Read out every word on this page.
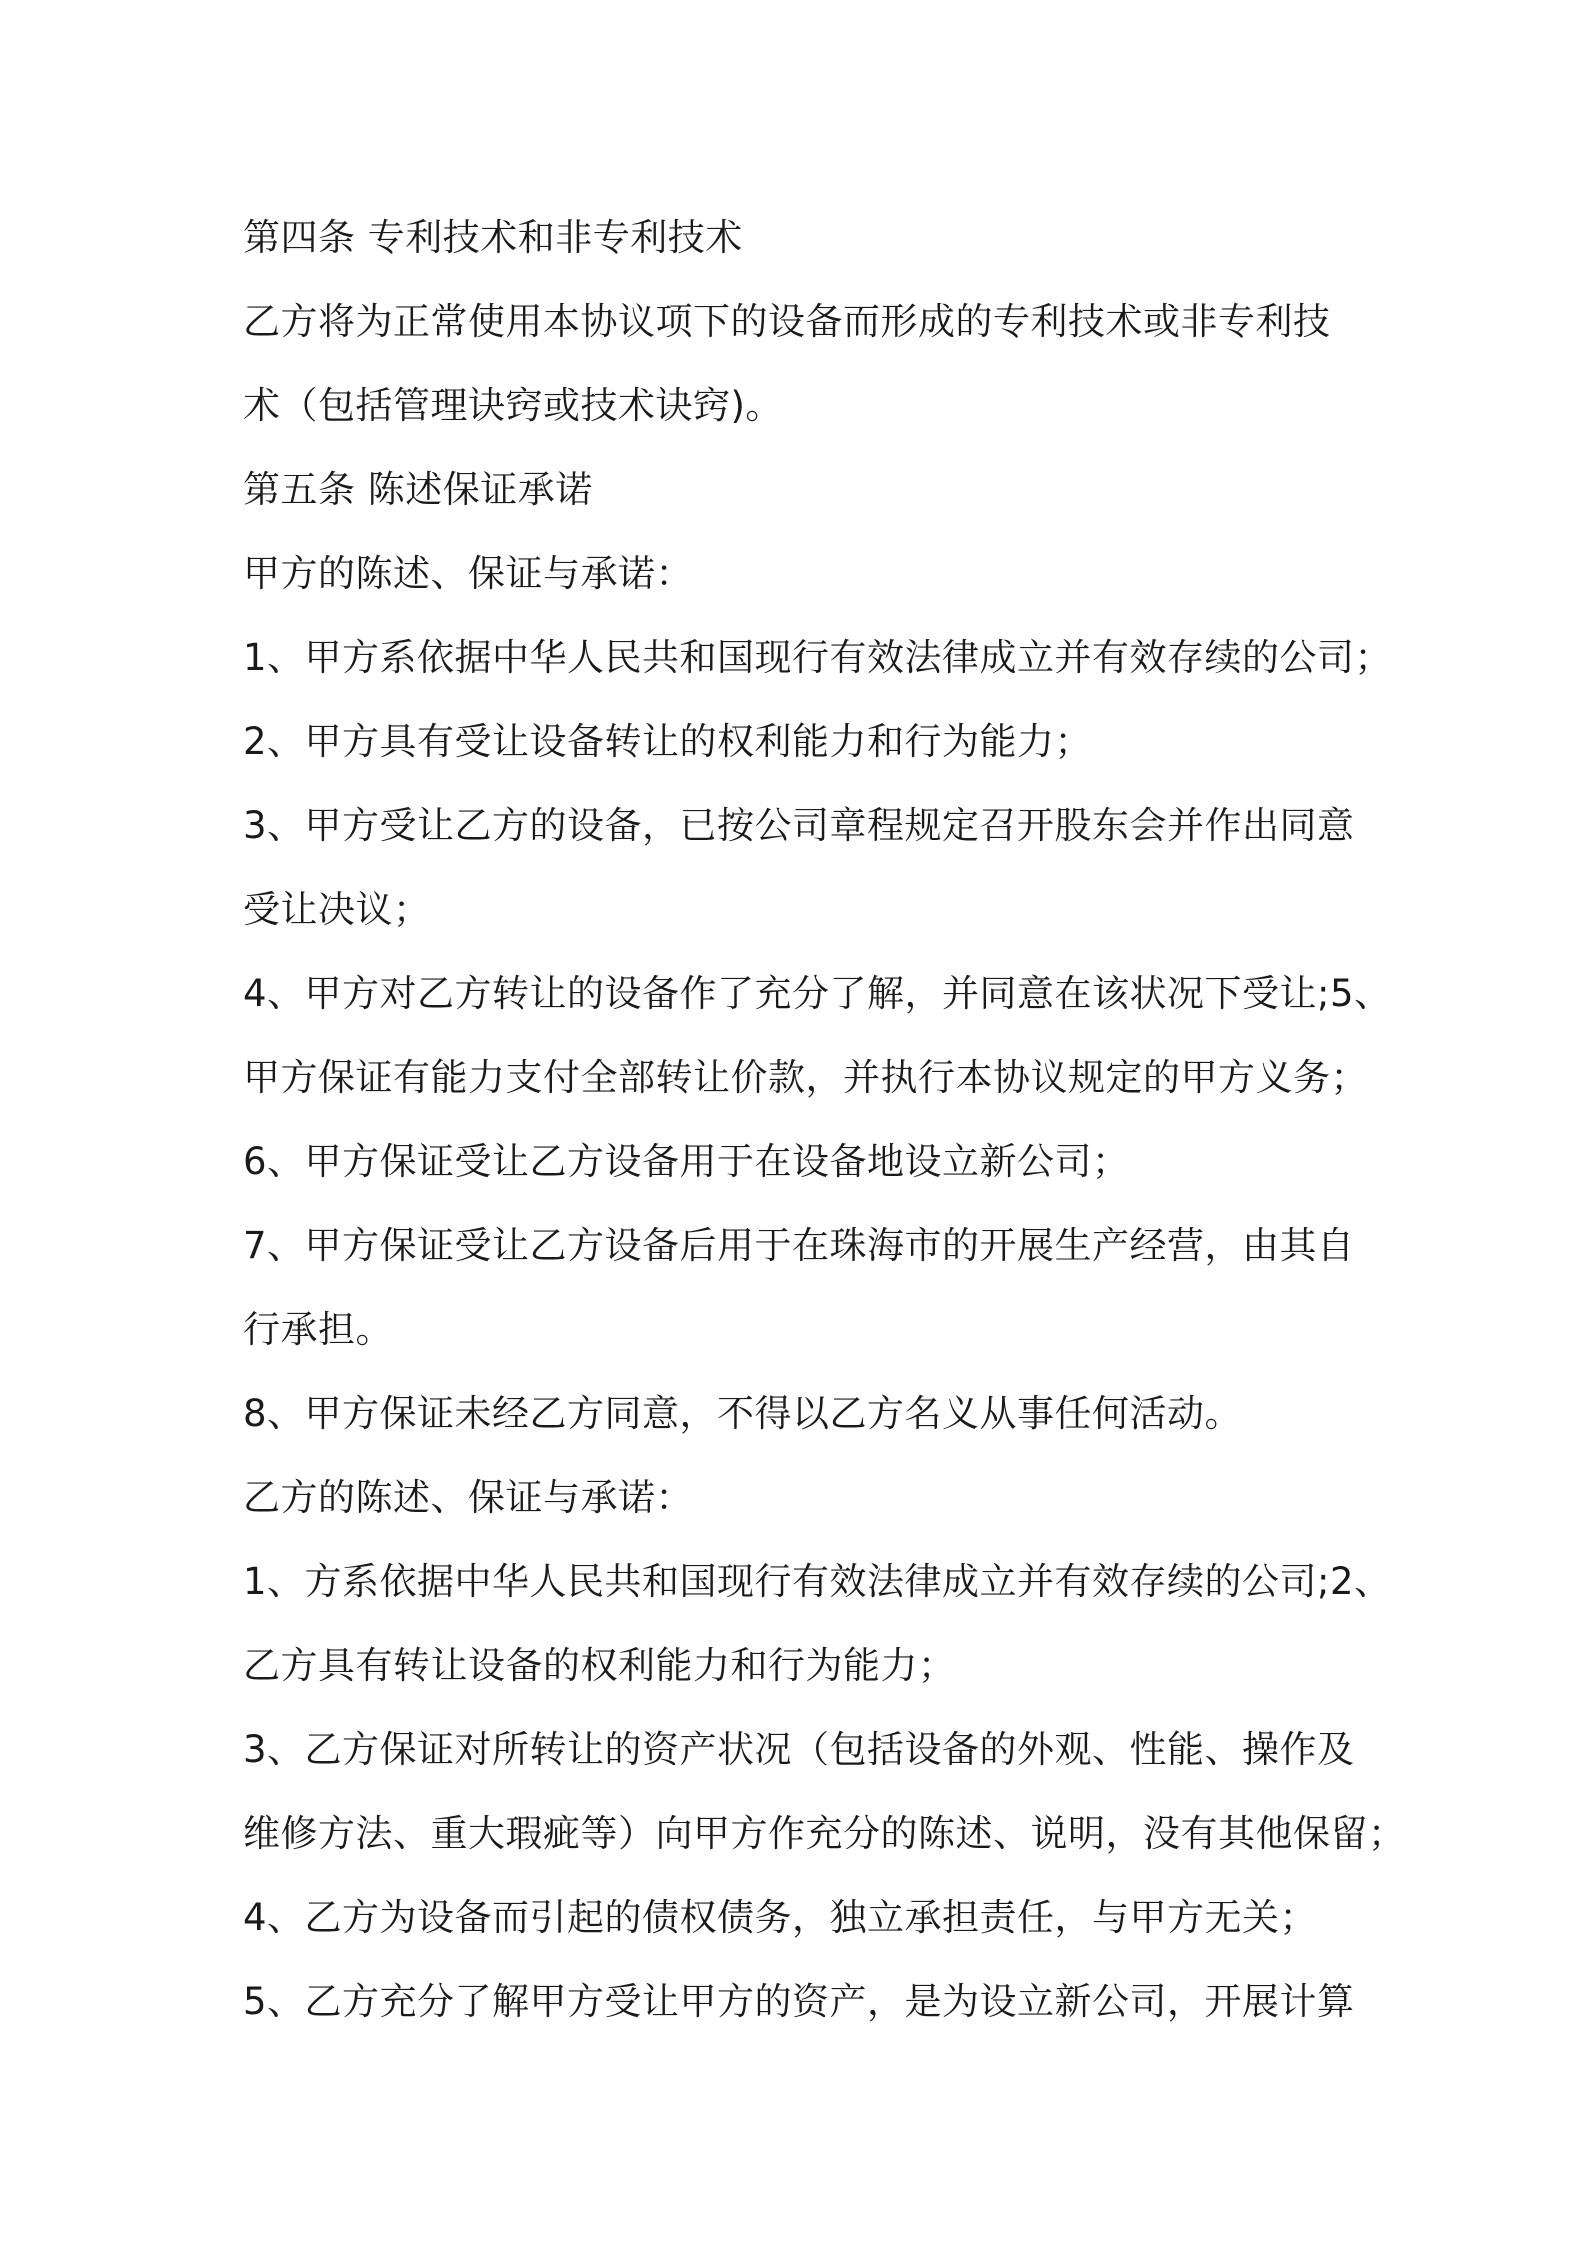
第四条 专利技术和非专利技术
乙方将为正常使用本协议项下的设备而形成的专利技术或非专利技
术（包括管理诀窍或技术诀窍)。
第五条 陈述保证承诺
甲方的陈述、保证与承诺：
1、甲方系依据中华人民共和国现行有效法律成立并有效存续的公司；
2、甲方具有受让设备转让的权利能力和行为能力；
3、甲方受让乙方的设备，已按公司章程规定召开股东会并作出同意
受让决议；
4、甲方对乙方转让的设备作了充分了解，并同意在该状况下受让;5、
甲方保证有能力支付全部转让价款，并执行本协议规定的甲方义务；
6、甲方保证受让乙方设备用于在设备地设立新公司；
7、甲方保证受让乙方设备后用于在珠海市的开展生产经营，由其自
行承担。
8、甲方保证未经乙方同意，不得以乙方名义从事任何活动。
乙方的陈述、保证与承诺：
1、方系依据中华人民共和国现行有效法律成立并有效存续的公司;2、
乙方具有转让设备的权利能力和行为能力；
3、乙方保证对所转让的资产状况（包括设备的外观、性能、操作及
维修方法、重大瑕疵等）向甲方作充分的陈述、说明，没有其他保留；
4、乙方为设备而引起的债权债务，独立承担责任，与甲方无关；
5、乙方充分了解甲方受让甲方的资产，是为设立新公司，开展计算
